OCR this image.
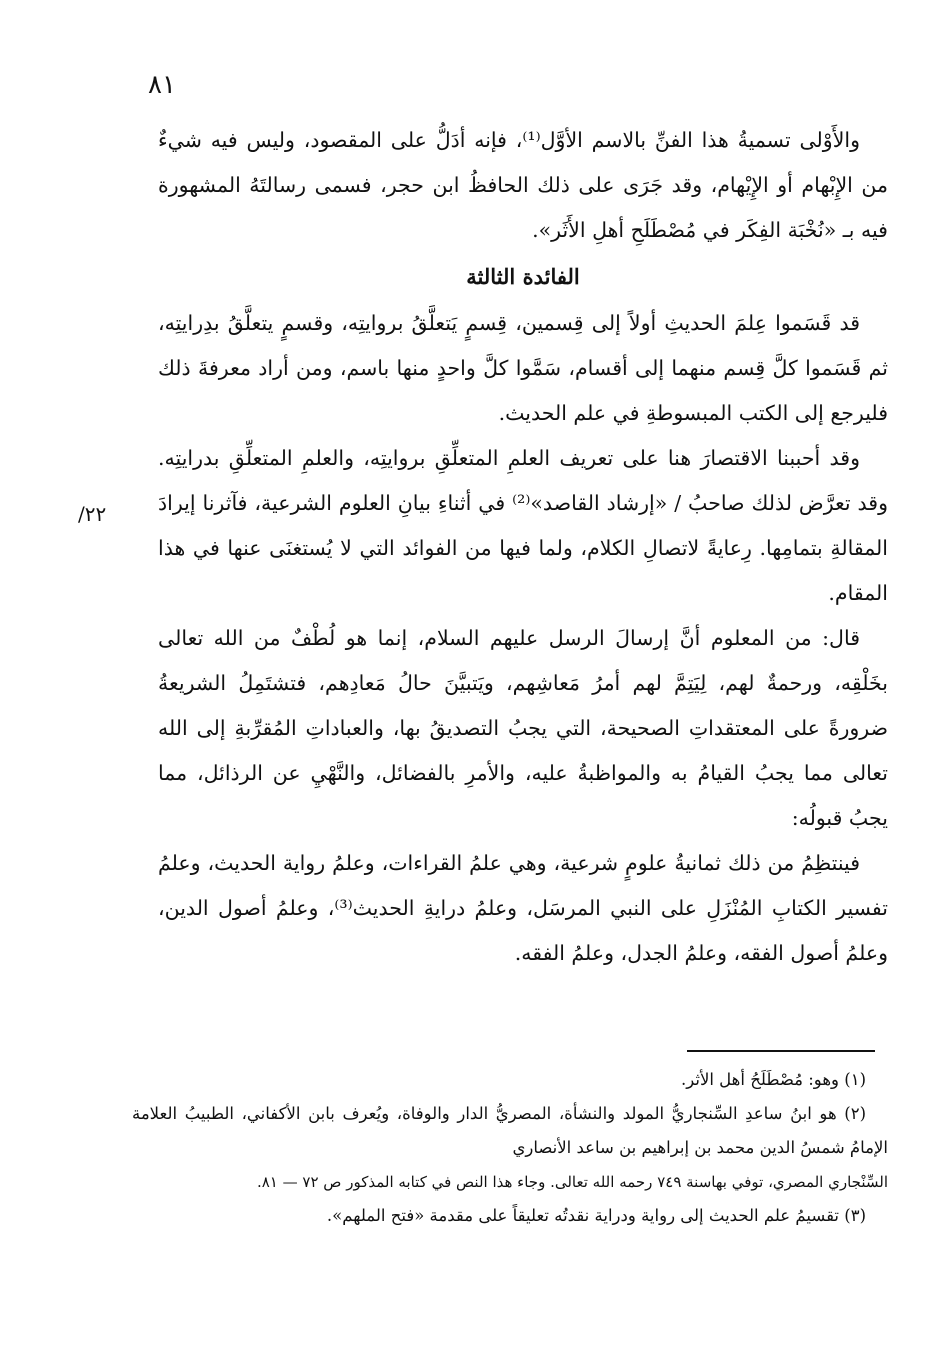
٨١
/٢٢

والأَوْلى تسميةُ هذا الفنِّ بالاسم الأوَّل⁽¹⁾، فإنه أدَلُّ على المقصود، وليس فيه شيءٌ من الإِبْهام أو الإِيْهام، وقد جَرَى على ذلك الحافظُ ابن حجر، فسمى رسالتَهُ المشهورة فيه بـ «نُخْبَة الفِكَر في مُصْطَلَحِ أهلِ الأَثَر».

الفائدة الثالثة

قد قَسَموا عِلمَ الحديثِ أولاً إلى قِسمين، قِسمٍ يَتعلَّقُ بروايتِه، وقسمٍ يتعلَّقُ بدِرايتِه، ثم قَسَموا كلَّ قِسم منهما إلى أقسام، سَمَّوا كلَّ واحدٍ منها باسم، ومن أراد معرفةَ ذلك فليرجع إلى الكتب المبسوطةِ في علم الحديث.

وقد أحببنا الاقتصارَ هنا على تعريف العلمِ المتعلِّقِ بروايتِه، والعلمِ المتعلِّقِ بدرايتِه. وقد تعرَّض لذلك صاحبُ / «إرشاد القاصد»⁽²⁾ في أثناءِ بيانِ العلوم الشرعية، فآثرنا إيرادَ المقالةِ بتمامِها. رِعايةً لاتصالِ الكلام، ولما فيها من الفوائد التي لا يُستغنَى عنها في هذا المقام.

قال: من المعلوم أنَّ إرسالَ الرسل عليهم السلام، إنما هو لُطْفٌ من الله تعالى بخَلْقِه، ورحمةٌ لهم، لِيَتِمَّ لهم أمرُ مَعاشِهم، ويَتبيَّنَ حالُ مَعادِهم، فتشتَمِلُ الشريعةُ ضرورةً على المعتقداتِ الصحيحة، التي يجبُ التصديقُ بها، والعباداتِ المُقرِّبةِ إلى الله تعالى مما يجبُ القيامُ به والمواظبةُ عليه، والأمرِ بالفضائل، والنَّهْيِ عن الرذائل، مما يجبُ قبولُه:

فينتظِمُ من ذلك ثمانيةُ علومٍ شرعية، وهي علمُ القراءات، وعلمُ رواية الحديث، وعلمُ تفسير الكتابِ المُنْزَلِ على النبي المرسَل، وعلمُ درايةِ الحديث⁽³⁾، وعلمُ أصول الدين، وعلمُ أصول الفقه، وعلمُ الجدل، وعلمُ الفقه.

(١) وهو: مُصْطَلَحُ أهل الأثر.

(٢) هو ابنُ ساعدِ السِّنجاريُّ المولد والنشأة، المصريُّ الدار والوفاة، ويُعرف بابن الأكفاني، الطبيبُ العلامة الإمامُ شمسُ الدين محمد بن إبراهيم بن ساعد الأنصاري

السِّنْجاري المصري، توفي بهاسنة ٧٤٩ رحمه الله تعالى. وجاء هذا النص في كتابه المذكور ص ٧٢ — ٨١.

(٣) تقسيمُ علم الحديث إلى رواية ودراية نقدتُه تعليقاً على مقدمة «فتح الملهم».
